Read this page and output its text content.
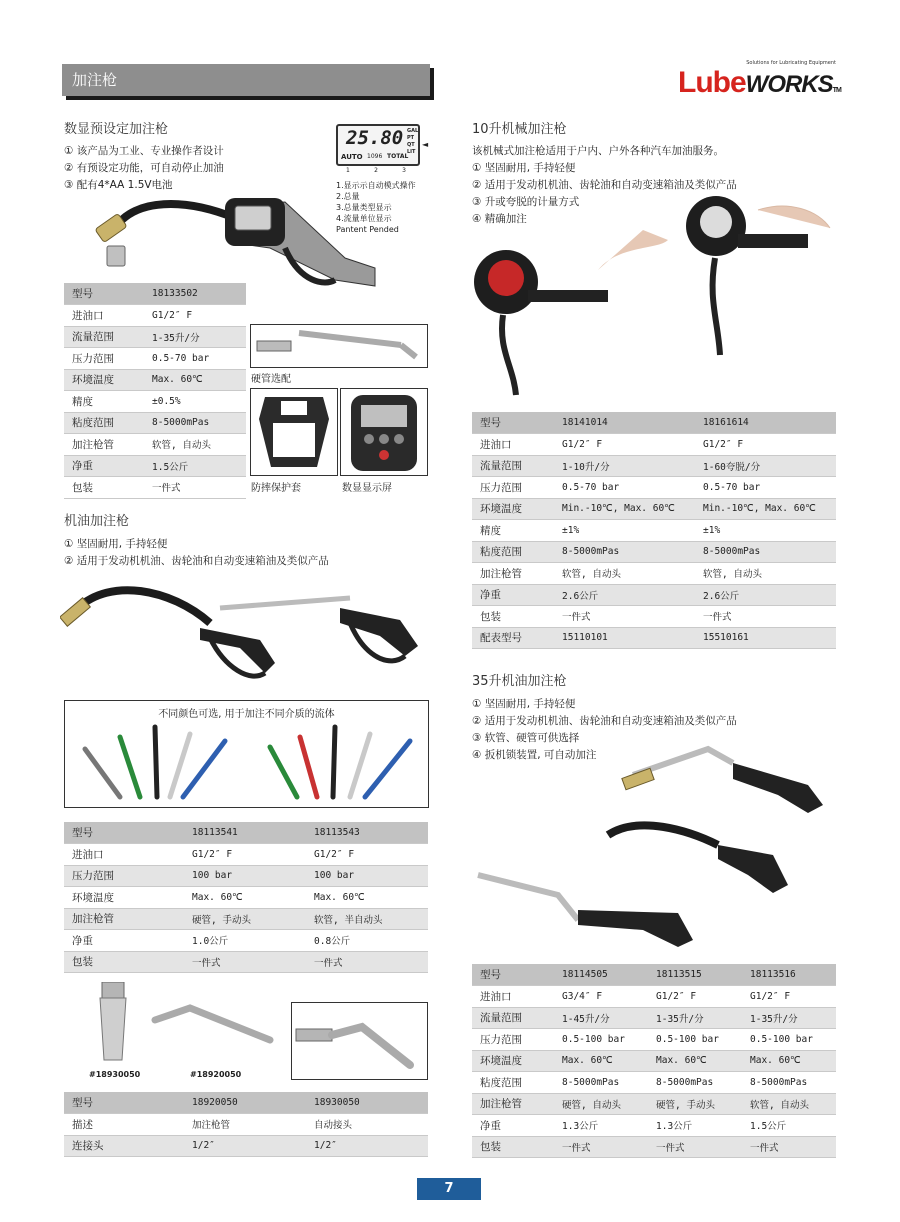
加注枪
Solutions for Lubricating Equipment
LubeWORKSTM
数显预设定加注枪
① 该产品为工业、专业操作者设计
② 有预设定功能，可自动停止加油
③ 配有4*AA 1.5V电池
25.80
AUTO 1096 TOTAL
GAL
PT
QT
LIT
◄
1	2	3
1.显示示自动模式操作
2.总量
3.总量类型显示
4.流量单位显示
Pantent Pended
型号	18133502
进油口	G1/2″ F
流量范围	1-35升/分
压力范围	0.5-70 bar
环境温度	Max. 60℃
精度	±0.5%
粘度范围	8-5000mPas
加注枪管	软管, 自动头
净重	1.5公斤
包装	一件式
硬管选配
防摔保护套	数显显示屏
机油加注枪
① 坚固耐用, 手持轻便
② 适用于发动机机油、齿轮油和自动变速箱油及类似产品
不同颜色可选, 用于加注不同介质的流体
型号	18113541	18113543
进油口	G1/2″ F	G1/2″ F
压力范围	100 bar	100 bar
环境温度	Max. 60℃	Max. 60℃
加注枪管	硬管, 手动头	软管, 半自动头
净重	1.0公斤	0.8公斤
包装	一件式	一件式
#18930050	#18920050
型号	18920050	18930050
描述	加注枪管	自动接头
连接头	1/2″	1/2″
10升机械加注枪
该机械式加注枪适用于户内、户外各种汽车加油服务。
① 坚固耐用, 手持轻便
② 适用于发动机机油、齿轮油和自动变速箱油及类似产品
③ 升或夸脱的计量方式
④ 精确加注
型号	18141014	18161614
进油口	G1/2″ F	G1/2″ F
流量范围	1-10升/分	1-60夸脱/分
压力范围	0.5-70 bar	0.5-70 bar
环境温度	Min.-10℃, Max. 60℃	Min.-10℃, Max. 60℃
精度	±1%	±1%
粘度范围	8-5000mPas	8-5000mPas
加注枪管	软管, 自动头	软管, 自动头
净重	2.6公斤	2.6公斤
包装	一件式	一件式
配表型号	15110101	15510161
35升机油加注枪
① 坚固耐用, 手持轻便
② 适用于发动机机油、齿轮油和自动变速箱油及类似产品
③ 软管、硬管可供选择
④ 扳机锁装置, 可自动加注
型号	18114505	18113515	18113516
进油口	G3/4″ F	G1/2″ F	G1/2″ F
流量范围	1-45升/分	1-35升/分	1-35升/分
压力范围	0.5-100 bar	0.5-100 bar	0.5-100 bar
环境温度	Max. 60℃	Max. 60℃	Max. 60℃
粘度范围	8-5000mPas	8-5000mPas	8-5000mPas
加注枪管	硬管, 自动头	硬管, 手动头	软管, 自动头
净重	1.3公斤	1.3公斤	1.5公斤
包装	一件式	一件式	一件式
7
